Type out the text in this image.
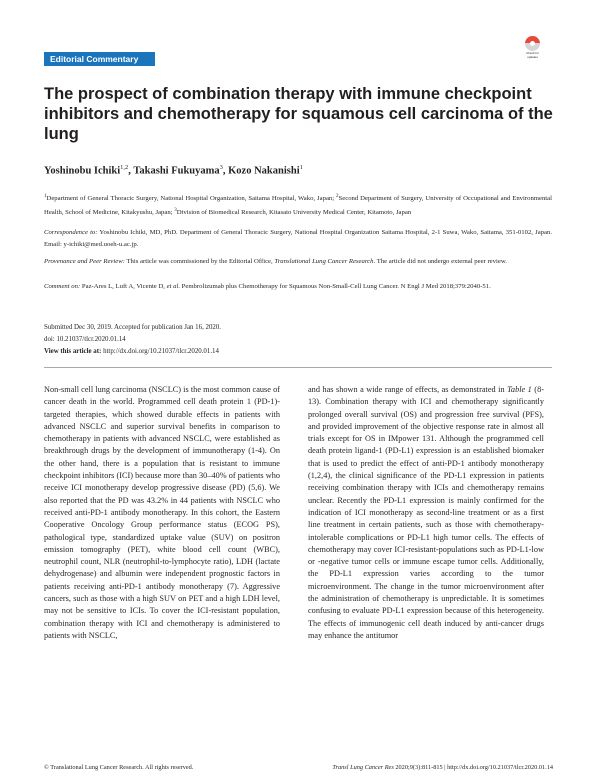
Editorial Commentary
Check for updates
The prospect of combination therapy with immune checkpoint inhibitors and chemotherapy for squamous cell carcinoma of the lung
Yoshinobu Ichiki$^{1,2}$, Takashi Fukuyama$^3$, Kozo Nakanishi$^1$

$^1$Department of General Thoracic Surgery, National Hospital Organization, Saitama Hospital, Wako, Japan; $^2$Second Department of Surgery, University of Occupational and Environmental Health, School of Medicine, Kitakyushu, Japan; $^3$Division of Biomedical Research, Kitasato University Medical Center, Kitamoto, Japan

Correspondence to: Yoshinobu Ichiki, MD, PhD. Department of General Thoracic Surgery, National Hospital Organization Saitama Hospital, 2-1 Suwa, Wako, Saitama, 351-0102, Japan. Email: y-ichiki@med.uoeh-u.ac.jp.

Provenance and Peer Review: This article was commissioned by the Editorial Office, Translational Lung Cancer Research. The article did not undergo external peer review.

Comment on: Paz-Ares L, Luft A, Vicente D, et al. Pembrolizumab plus Chemotherapy for Squamous Non-Small-Cell Lung Cancer. N Engl J Med 2018;379:2040-51.

Submitted Dec 30, 2019. Accepted for publication Jan 16, 2020.
doi: 10.21037/tlcr.2020.01.14
View this article at: http://dx.doi.org/10.21037/tlcr.2020.01.14

Non-small cell lung carcinoma (NSCLC) is the most common cause of cancer death in the world. Programmed cell death protein 1 (PD-1)-targeted therapies, which showed durable effects in patients with advanced NSCLC and superior survival benefits in comparison to chemotherapy in patients with advanced NSCLC, were established as breakthrough drugs by the development of immunotherapy (1-4). On the other hand, there is a population that is resistant to immune checkpoint inhibitors (ICI) because more than 30–40% of patients who receive ICI monotherapy develop progressive disease (PD) (5,6). We also reported that the PD was 43.2% in 44 patients with NSCLC who received anti-PD-1 antibody monotherapy. In this cohort, the Eastern Cooperative Oncology Group performance status (ECOG PS), pathological type, standardized uptake value (SUV) on positron emission tomography (PET), white blood cell count (WBC), neutrophil count, NLR (neutrophil-to-lymphocyte ratio), LDH (lactate dehydrogenase) and albumin were independent prognostic factors in patients receiving anti-PD-1 antibody monotherapy (7). Aggressive cancers, such as those with a high SUV on PET and a high LDH level, may not be sensitive to ICIs. To cover the ICI-resistant population, combination therapy with ICI and chemotherapy is administered to patients with NSCLC,

and has shown a wide range of effects, as demonstrated in Table 1 (8-13). Combination therapy with ICI and chemotherapy significantly prolonged overall survival (OS) and progression free survival (PFS), and provided improvement of the objective response rate in almost all trials except for OS in IMpower 131. Although the programmed cell death protein ligand-1 (PD-L1) expression is an established biomaker that is used to predict the effect of anti-PD-1 antibody monotherapy (1,2,4), the clinical significance of the PD-L1 expression in patients receiving combination therapy with ICIs and chemotherapy remains unclear. Recently the PD-L1 expression is mainly confirmed for the indication of ICI monotherapy as second-line treatment or as a first line treatment in certain patients, such as those with chemotherapy-intolerable complications or PD-L1 high tumor cells. The effects of chemotherapy may cover ICI-resistant-populations such as PD-L1-low or -negative tumor cells or immune escape tumor cells. Additionally, the PD-L1 expression varies according to the tumor microenvironment. The change in the tumor microenvironment after the administration of chemotherapy is unpredictable. It is sometimes confusing to evaluate PD-L1 expression because of this heterogeneity. The effects of immunogenic cell death induced by anti-cancer drugs may enhance the antitumor

© Translational Lung Cancer Research. All rights reserved.	Transl Lung Cancer Res 2020;9(3):811-815 | http://dx.doi.org/10.21037/tlcr.2020.01.14
